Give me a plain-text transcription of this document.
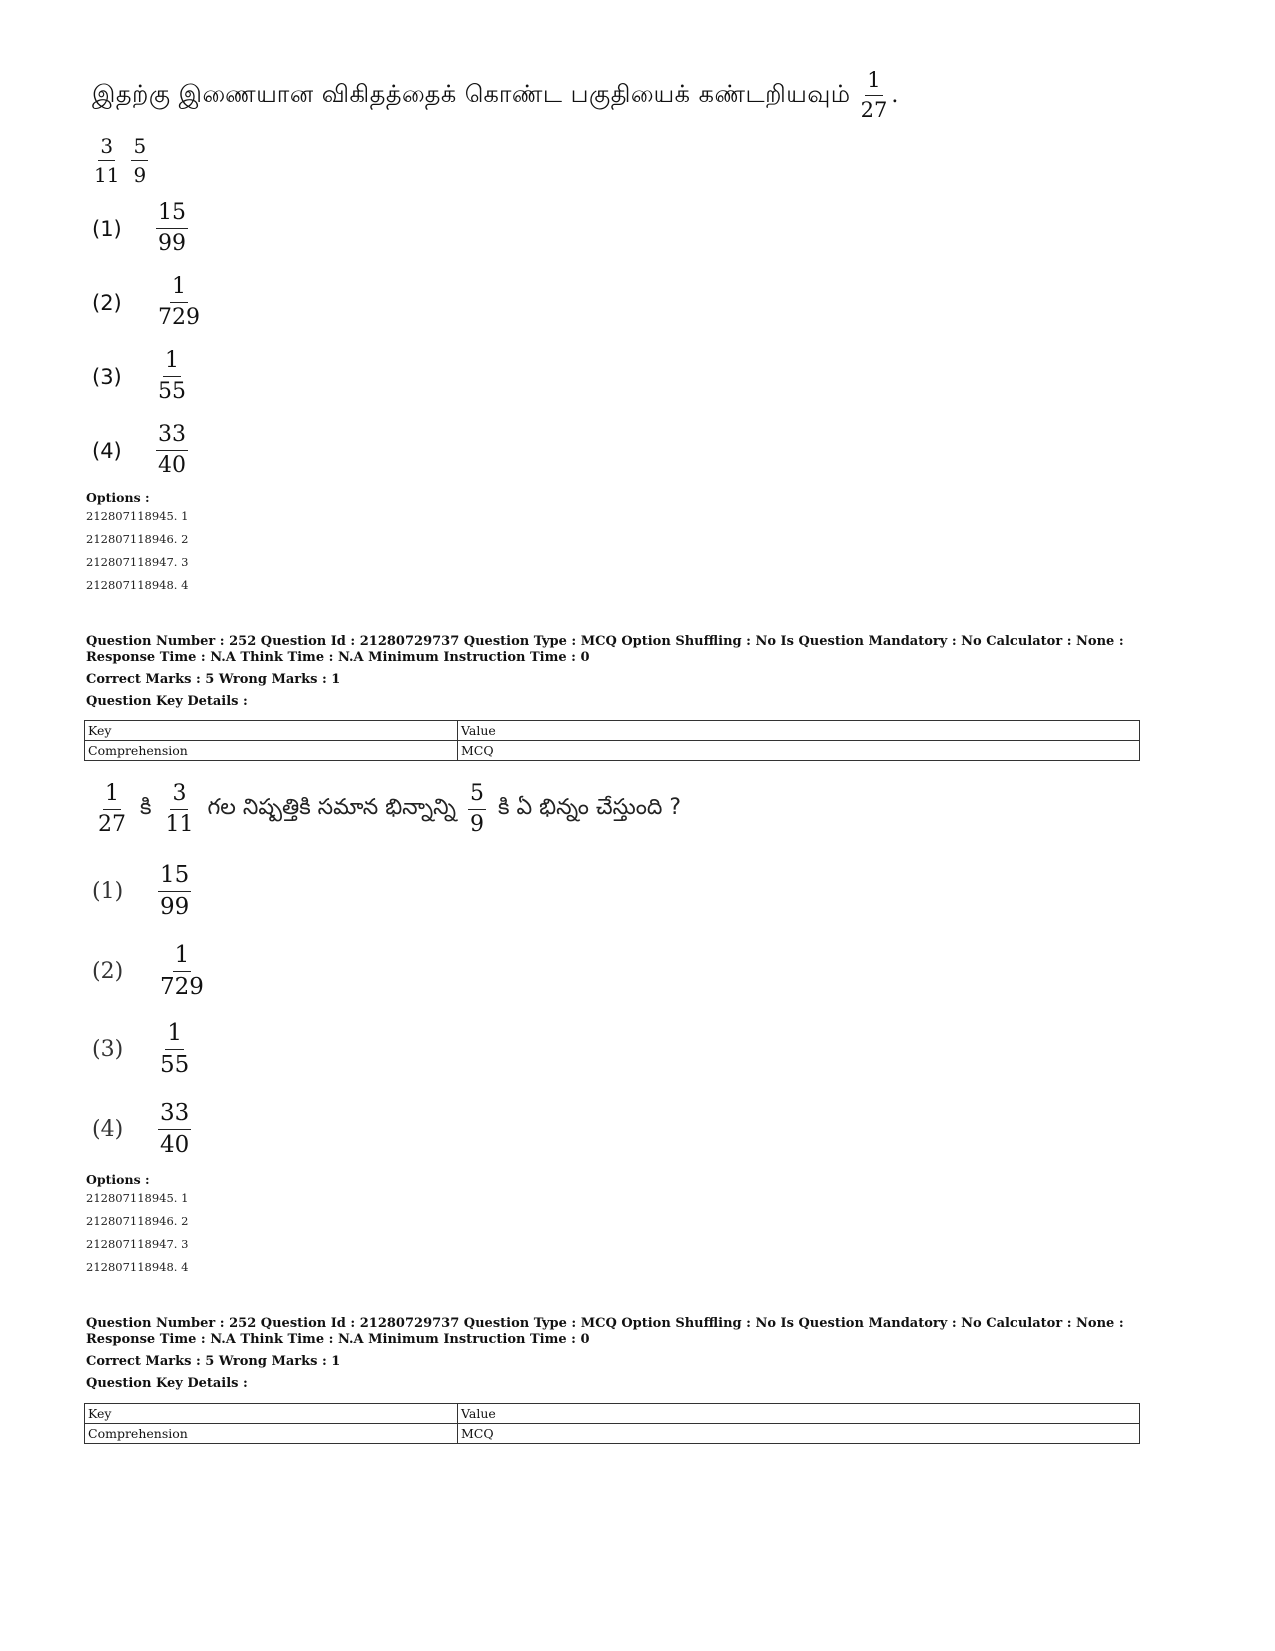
இதற்கு இணையான விகிதத்தைக் கொண்ட பகுதியைக் கண்டறியவும் $\frac{1}{27}$ .
$\frac{3}{11} \frac{5}{9}$
(1)	$\frac{15}{99}$
(2)	$\frac{1}{729}$
(3)	$\frac{1}{55}$
(4)	$\frac{33}{40}$
Options :
212807118945. 1
212807118946. 2
212807118947. 3
212807118948. 4
Question Number : 252 Question Id : 21280729737 Question Type : MCQ Option Shuffling : No Is Question Mandatory : No Calculator : None :
Response Time : N.A Think Time : N.A Minimum Instruction Time : 0
Correct Marks : 5 Wrong Marks : 1
Question Key Details :
Key	Value
Comprehension	MCQ
$\frac{1}{27}$ కి $\frac{3}{11}$ గల నిష్పత్తికి సమాన భిన్నాన్ని $\frac{5}{9}$ కి ఏ భిన్నం చేస్తుంది ?
(1)	$\frac{15}{99}$
(2)	$\frac{1}{729}$
(3)	$\frac{1}{55}$
(4)	$\frac{33}{40}$
Options :
212807118945. 1
212807118946. 2
212807118947. 3
212807118948. 4
Question Number : 252 Question Id : 21280729737 Question Type : MCQ Option Shuffling : No Is Question Mandatory : No Calculator : None :
Response Time : N.A Think Time : N.A Minimum Instruction Time : 0
Correct Marks : 5 Wrong Marks : 1
Question Key Details :
Key	Value
Comprehension	MCQ
